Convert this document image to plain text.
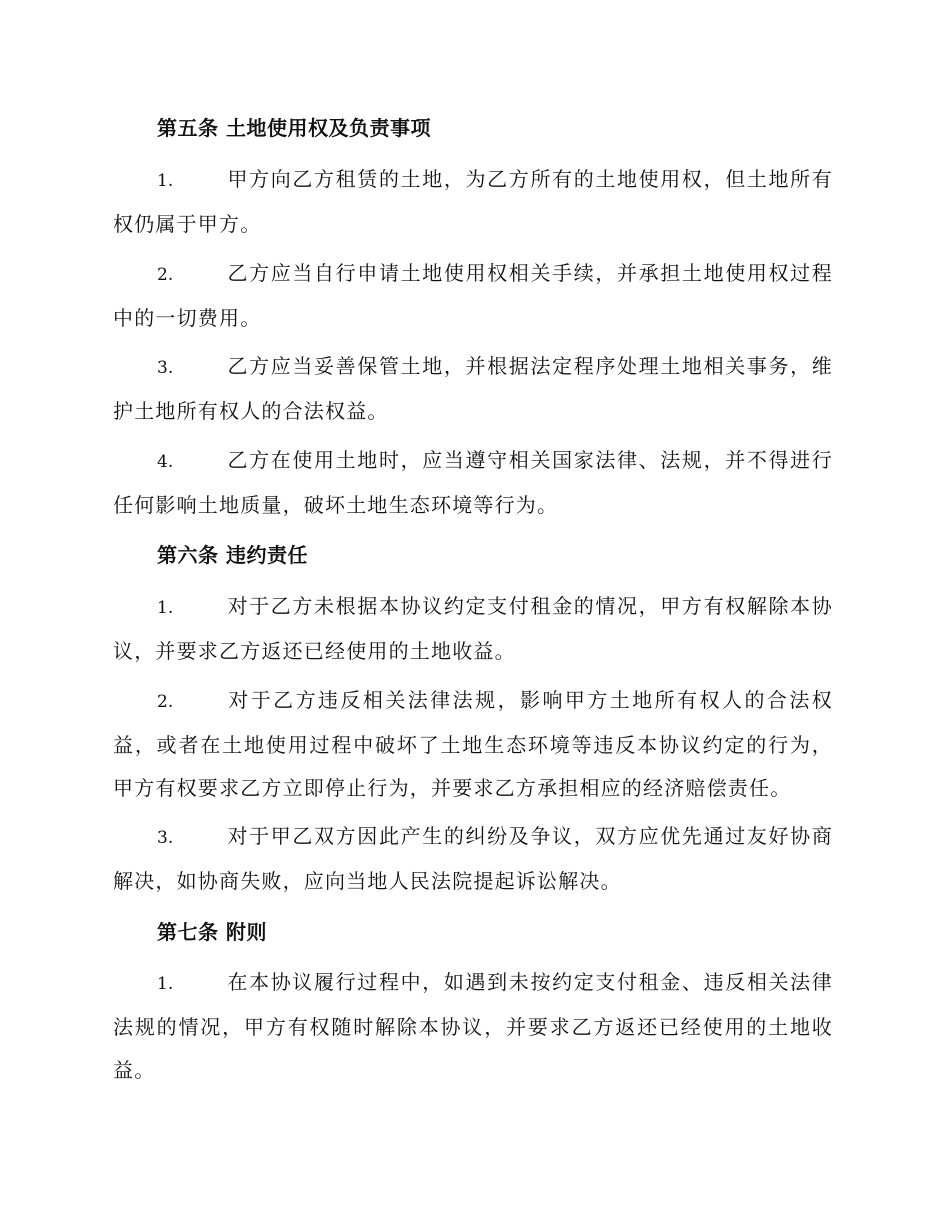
第五条 土地使用权及负责事项
1.	甲方向乙方租赁的土地，为乙方所有的土地使用权，但土地所有权仍属于甲方。
2.	乙方应当自行申请土地使用权相关手续，并承担土地使用权过程中的一切费用。
3.	乙方应当妥善保管土地，并根据法定程序处理土地相关事务，维护土地所有权人的合法权益。
4.	乙方在使用土地时，应当遵守相关国家法律、法规，并不得进行任何影响土地质量，破坏土地生态环境等行为。
第六条 违约责任
1.	对于乙方未根据本协议约定支付租金的情况，甲方有权解除本协议，并要求乙方返还已经使用的土地收益。
2.	对于乙方违反相关法律法规，影响甲方土地所有权人的合法权益，或者在土地使用过程中破坏了土地生态环境等违反本协议约定的行为，甲方有权要求乙方立即停止行为，并要求乙方承担相应的经济赔偿责任。
3.	对于甲乙双方因此产生的纠纷及争议，双方应优先通过友好协商解决，如协商失败，应向当地人民法院提起诉讼解决。
第七条 附则
1.	在本协议履行过程中，如遇到未按约定支付租金、违反相关法律法规的情况，甲方有权随时解除本协议，并要求乙方返还已经使用的土地收益。
